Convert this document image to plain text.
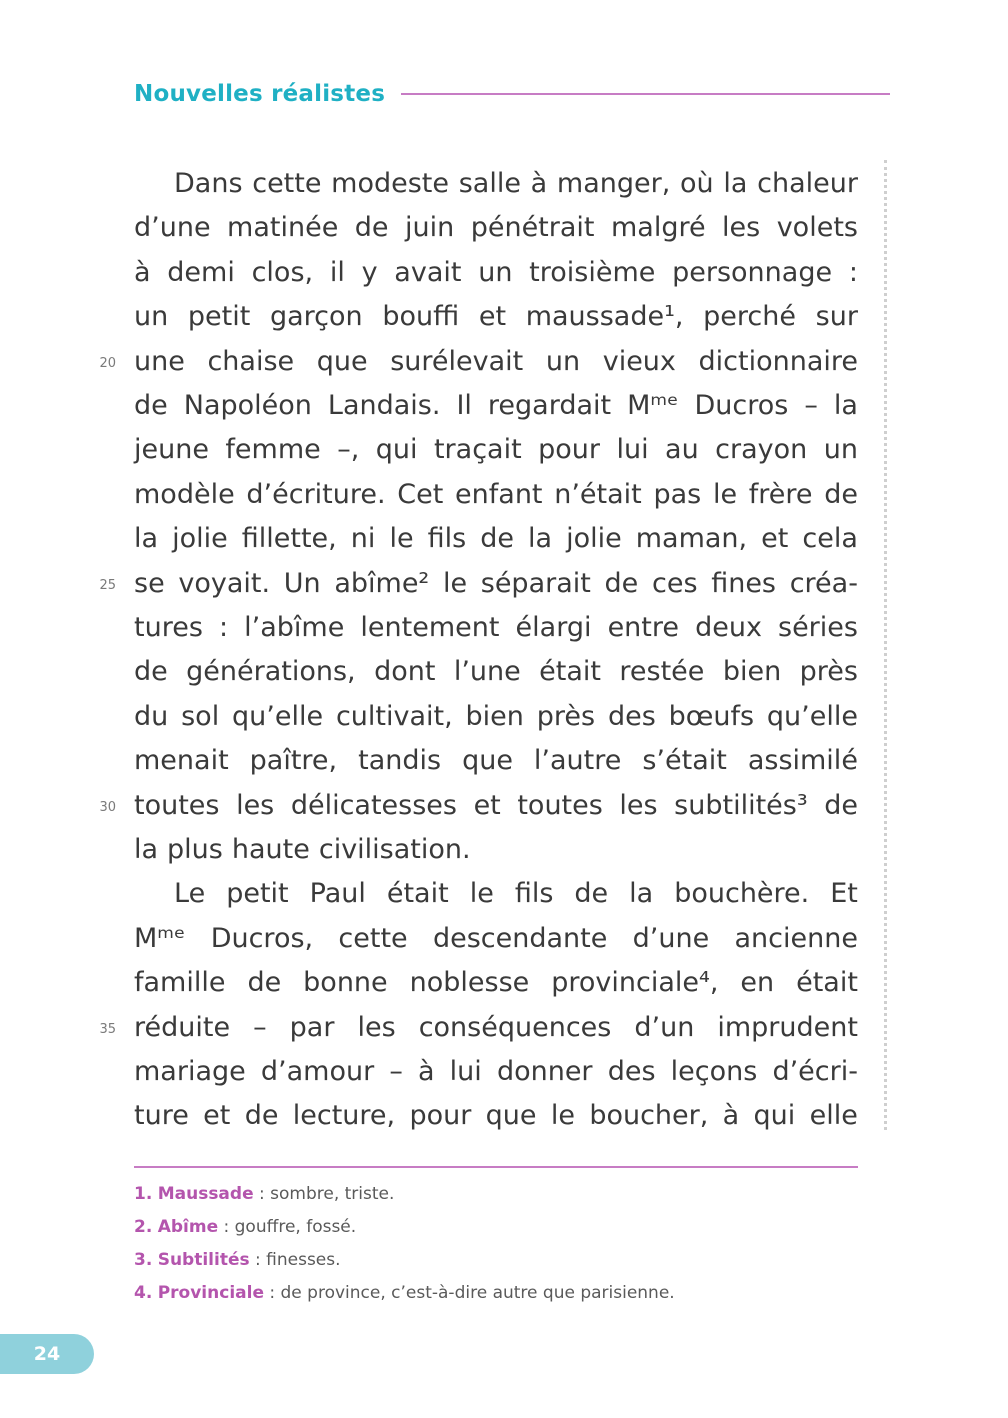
Nouvelles réalistes
Dans cette modeste salle à manger, où la chaleur
d’une matinée de juin pénétrait malgré les volets
à demi clos, il y avait un troisième personnage :
un petit garçon bouffi et maussade¹, perché sur
une chaise que surélevait un vieux dictionnaire
de Napoléon Landais. Il regardait Mᵐᵉ Ducros – la
jeune femme –, qui traçait pour lui au crayon un
modèle d’écriture. Cet enfant n’était pas le frère de
la jolie fillette, ni le fils de la jolie maman, et cela
se voyait. Un abîme² le séparait de ces fines créa-
tures : l’abîme lentement élargi entre deux séries
de générations, dont l’une était restée bien près
du sol qu’elle cultivait, bien près des bœufs qu’elle
menait paître, tandis que l’autre s’était assimilé
toutes les délicatesses et toutes les subtilités³ de
la plus haute civilisation.
Le petit Paul était le fils de la bouchère. Et
Mᵐᵉ Ducros, cette descendante d’une ancienne
famille de bonne noblesse provinciale⁴, en était
réduite – par les conséquences d’un imprudent
mariage d’amour – à lui donner des leçons d’écri-
ture et de lecture, pour que le boucher, à qui elle
20
25
30
35
1. Maussade : sombre, triste.
2. Abîme : gouffre, fossé.
3. Subtilités : finesses.
4. Provinciale : de province, c’est-à-dire autre que parisienne.
24
